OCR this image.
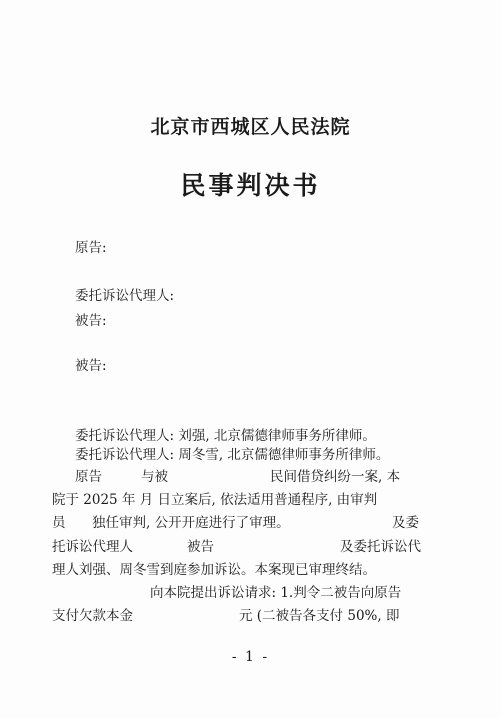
北京市西城区人民法院
民事判决书
原告:
委托诉讼代理人:
被告:
被告:
委托诉讼代理人: 刘强, 北京儒德律师事务所律师。
委托诉讼代理人: 周冬雪, 北京儒德律师事务所律师。
原告	与被	民间借贷纠纷一案, 本
院于 2025 年 月 日立案后, 依法适用普通程序, 由审判
员 独任审判, 公开开庭进行了审理。	及委
托诉讼代理人	被告	及委托诉讼代
理人刘强、周冬雪到庭参加诉讼。本案现已审理终结。
向本院提出诉讼请求: 1.判令二被告向原告
支付欠款本金	元 (二被告各支付 50%, 即
- 1 -
